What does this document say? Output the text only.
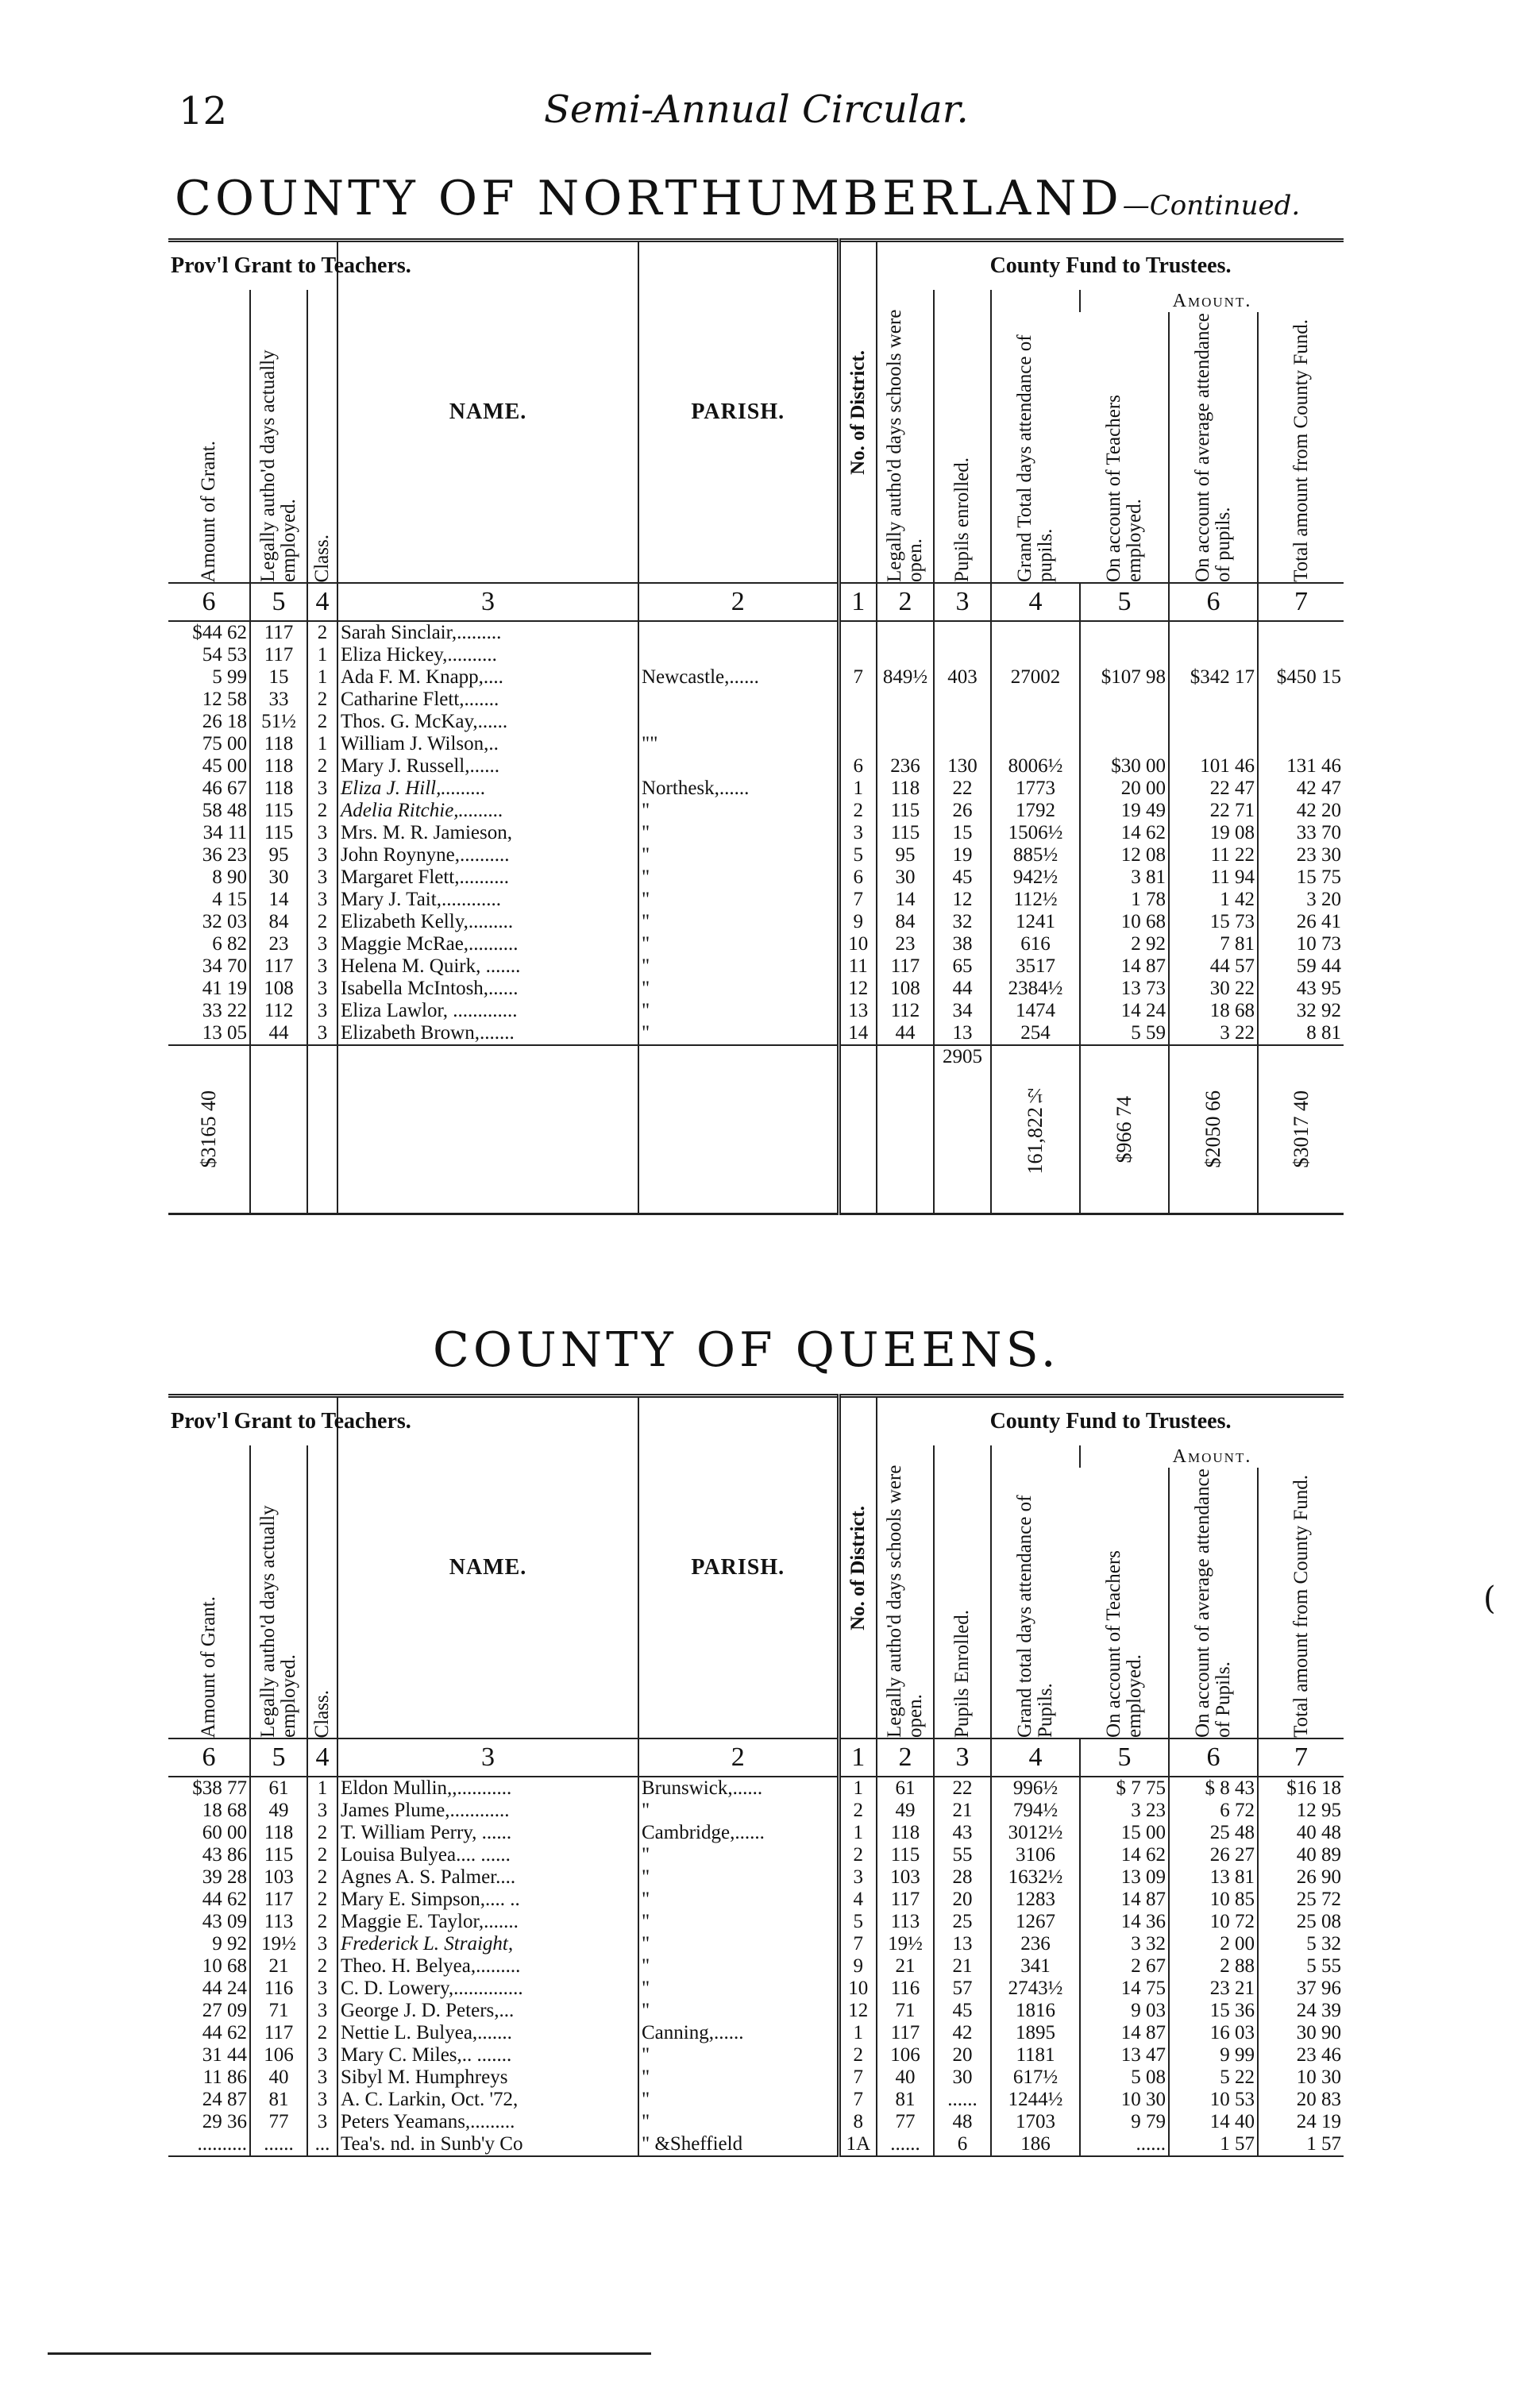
12	Semi-Annual Circular.
COUNTY OF NORTHUMBERLAND—Continued.
Prov'l Grant to Teachers.			NAME.	PARISH.	No. of District.	County Fund to Trustees.					

Amount of Grant.	Legally autho'd days actually employed.	Class.				Legally autho'd days schools were open.	Pupils enrolled.	Grand Total days attendance of pupils.	Amount.		

									On account of Teachers employed.	On account of average attendance of pupils.	Total amount from County Fund.

6	5	4	3	2	1	2	3	4	5	6	7
$44 62	117	2	Sarah Sinclair,.........								
54 53	117	1	Eliza Hickey,..........								
5 99	15	1	Ada F. M. Knapp,....	Newcastle,......	7	849½	403	27002	$107 98	$342 17	$450 15
12 58	33	2	Catharine Flett,.......								
26 18	51½	2	Thos. G. McKay,......								
75 00	118	1	William J. Wilson,..	""							
45 00	118	2	Mary J. Russell,......		6	236	130	8006½	$30 00	101 46	131 46
46 67	118	3	Eliza J. Hill,.........	Northesk,......	1	118	22	1773	20 00	22 47	42 47
58 48	115	2	Adelia Ritchie,.........	"	2	115	26	1792	19 49	22 71	42 20
34 11	115	3	Mrs. M. R. Jamieson,	"	3	115	15	1506½	14 62	19 08	33 70
36 23	95	3	John Roynyne,..........	"	5	95	19	885½	12 08	11 22	23 30
8 90	30	3	Margaret Flett,..........	"	6	30	45	942½	3 81	11 94	15 75
4 15	14	3	Mary J. Tait,............	"	7	14	12	112½	1 78	1 42	3 20
32 03	84	2	Elizabeth Kelly,.........	"	9	84	32	1241	10 68	15 73	26 41
6 82	23	3	Maggie McRae,..........	"	10	23	38	616	2 92	7 81	10 73
34 70	117	3	Helena M. Quirk, .......	"	11	117	65	3517	14 87	44 57	59 44
41 19	108	3	Isabella McIntosh,......	"	12	108	44	2384½	13 73	30 22	43 95
33 22	112	3	Eliza Lawlor, .............	"	13	112	34	1474	14 24	18 68	32 92
13 05	44	3	Elizabeth Brown,.......	"	14	44	13	254	5 59	3 22	8 81

$3165 40							2905	161,822½	$966 74	$2050 66	$3017 40
COUNTY OF QUEENS.
Prov'l Grant to Teachers.			NAME.	PARISH.	No. of District.	County Fund to Trustees.					

Amount of Grant.	Legally autho'd days actually employed.	Class.				Legally autho'd days schools were open.	Pupils Enrolled.	Grand total days attendance of Pupils.	Amount.		

									On account of Teachers employed.	On account of average attendance of Pupils.	Total amount from County Fund.

6	5	4	3	2	1	2	3	4	5	6	7
$38 77	61	1	Eldon Mullin,,...........	Brunswick,......	1	61	22	996½	$ 7 75	$ 8 43	$16 18
18 68	49	3	James Plume,............	"	2	49	21	794½	3 23	6 72	12 95
60 00	118	2	T. William Perry, ......	Cambridge,......	1	118	43	3012½	15 00	25 48	40 48
43 86	115	2	Louisa Bulyea.... ......	"	2	115	55	3106	14 62	26 27	40 89
39 28	103	2	Agnes A. S. Palmer....	"	3	103	28	1632½	13 09	13 81	26 90
44 62	117	2	Mary E. Simpson,.... ..	"	4	117	20	1283	14 87	10 85	25 72
43 09	113	2	Maggie E. Taylor,.......	"	5	113	25	1267	14 36	10 72	25 08
9 92	19½	3	Frederick L. Straight,	"	7	19½	13	236	3 32	2 00	5 32
10 68	21	2	Theo. H. Belyea,.........	"	9	21	21	341	2 67	2 88	5 55
44 24	116	3	C. D. Lowery,..............	"	10	116	57	2743½	14 75	23 21	37 96
27 09	71	3	George J. D. Peters,...	"	12	71	45	1816	9 03	15 36	24 39
44 62	117	2	Nettie L. Bulyea,.......	Canning,......	1	117	42	1895	14 87	16 03	30 90
31 44	106	3	Mary C. Miles,.. .......	"	2	106	20	1181	13 47	9 99	23 46
11 86	40	3	Sibyl M. Humphreys	"	7	40	30	617½	5 08	5 22	10 30
24 87	81	3	A. C. Larkin, Oct. '72,	"	7	81	......	1244½	10 30	10 53	20 83
29 36	77	3	Peters Yeamans,.........	"	8	77	48	1703	9 79	14 40	24 19
..........	......	...	Tea's. nd. in Sunb'y Co	" &Sheffield	1A	......	6	186	......	1 57	1 57
(
